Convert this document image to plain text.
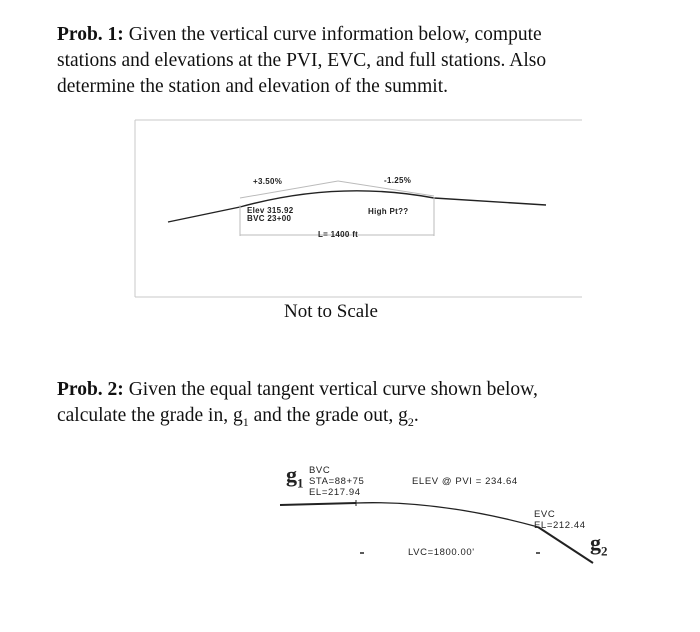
Prob. 1: Given the vertical curve information below, compute
stations and elevations at the PVI, EVC, and full stations. Also
determine the station and elevation of the summit.
+3.50%	-1.25%
Elev 315.92
BVC 23+00
High Pt??
L= 1400 ft
Not to Scale
Prob. 2: Given the equal tangent vertical curve shown below,
calculate the grade in, $g_1$ and the grade out, $g_2$.
$g_1$
BVC
STA=88+75
EL=217.94
ELEV @ PVI = 234.64
EVC
EL=212.44
$g_2$
LVC=1800.00'
